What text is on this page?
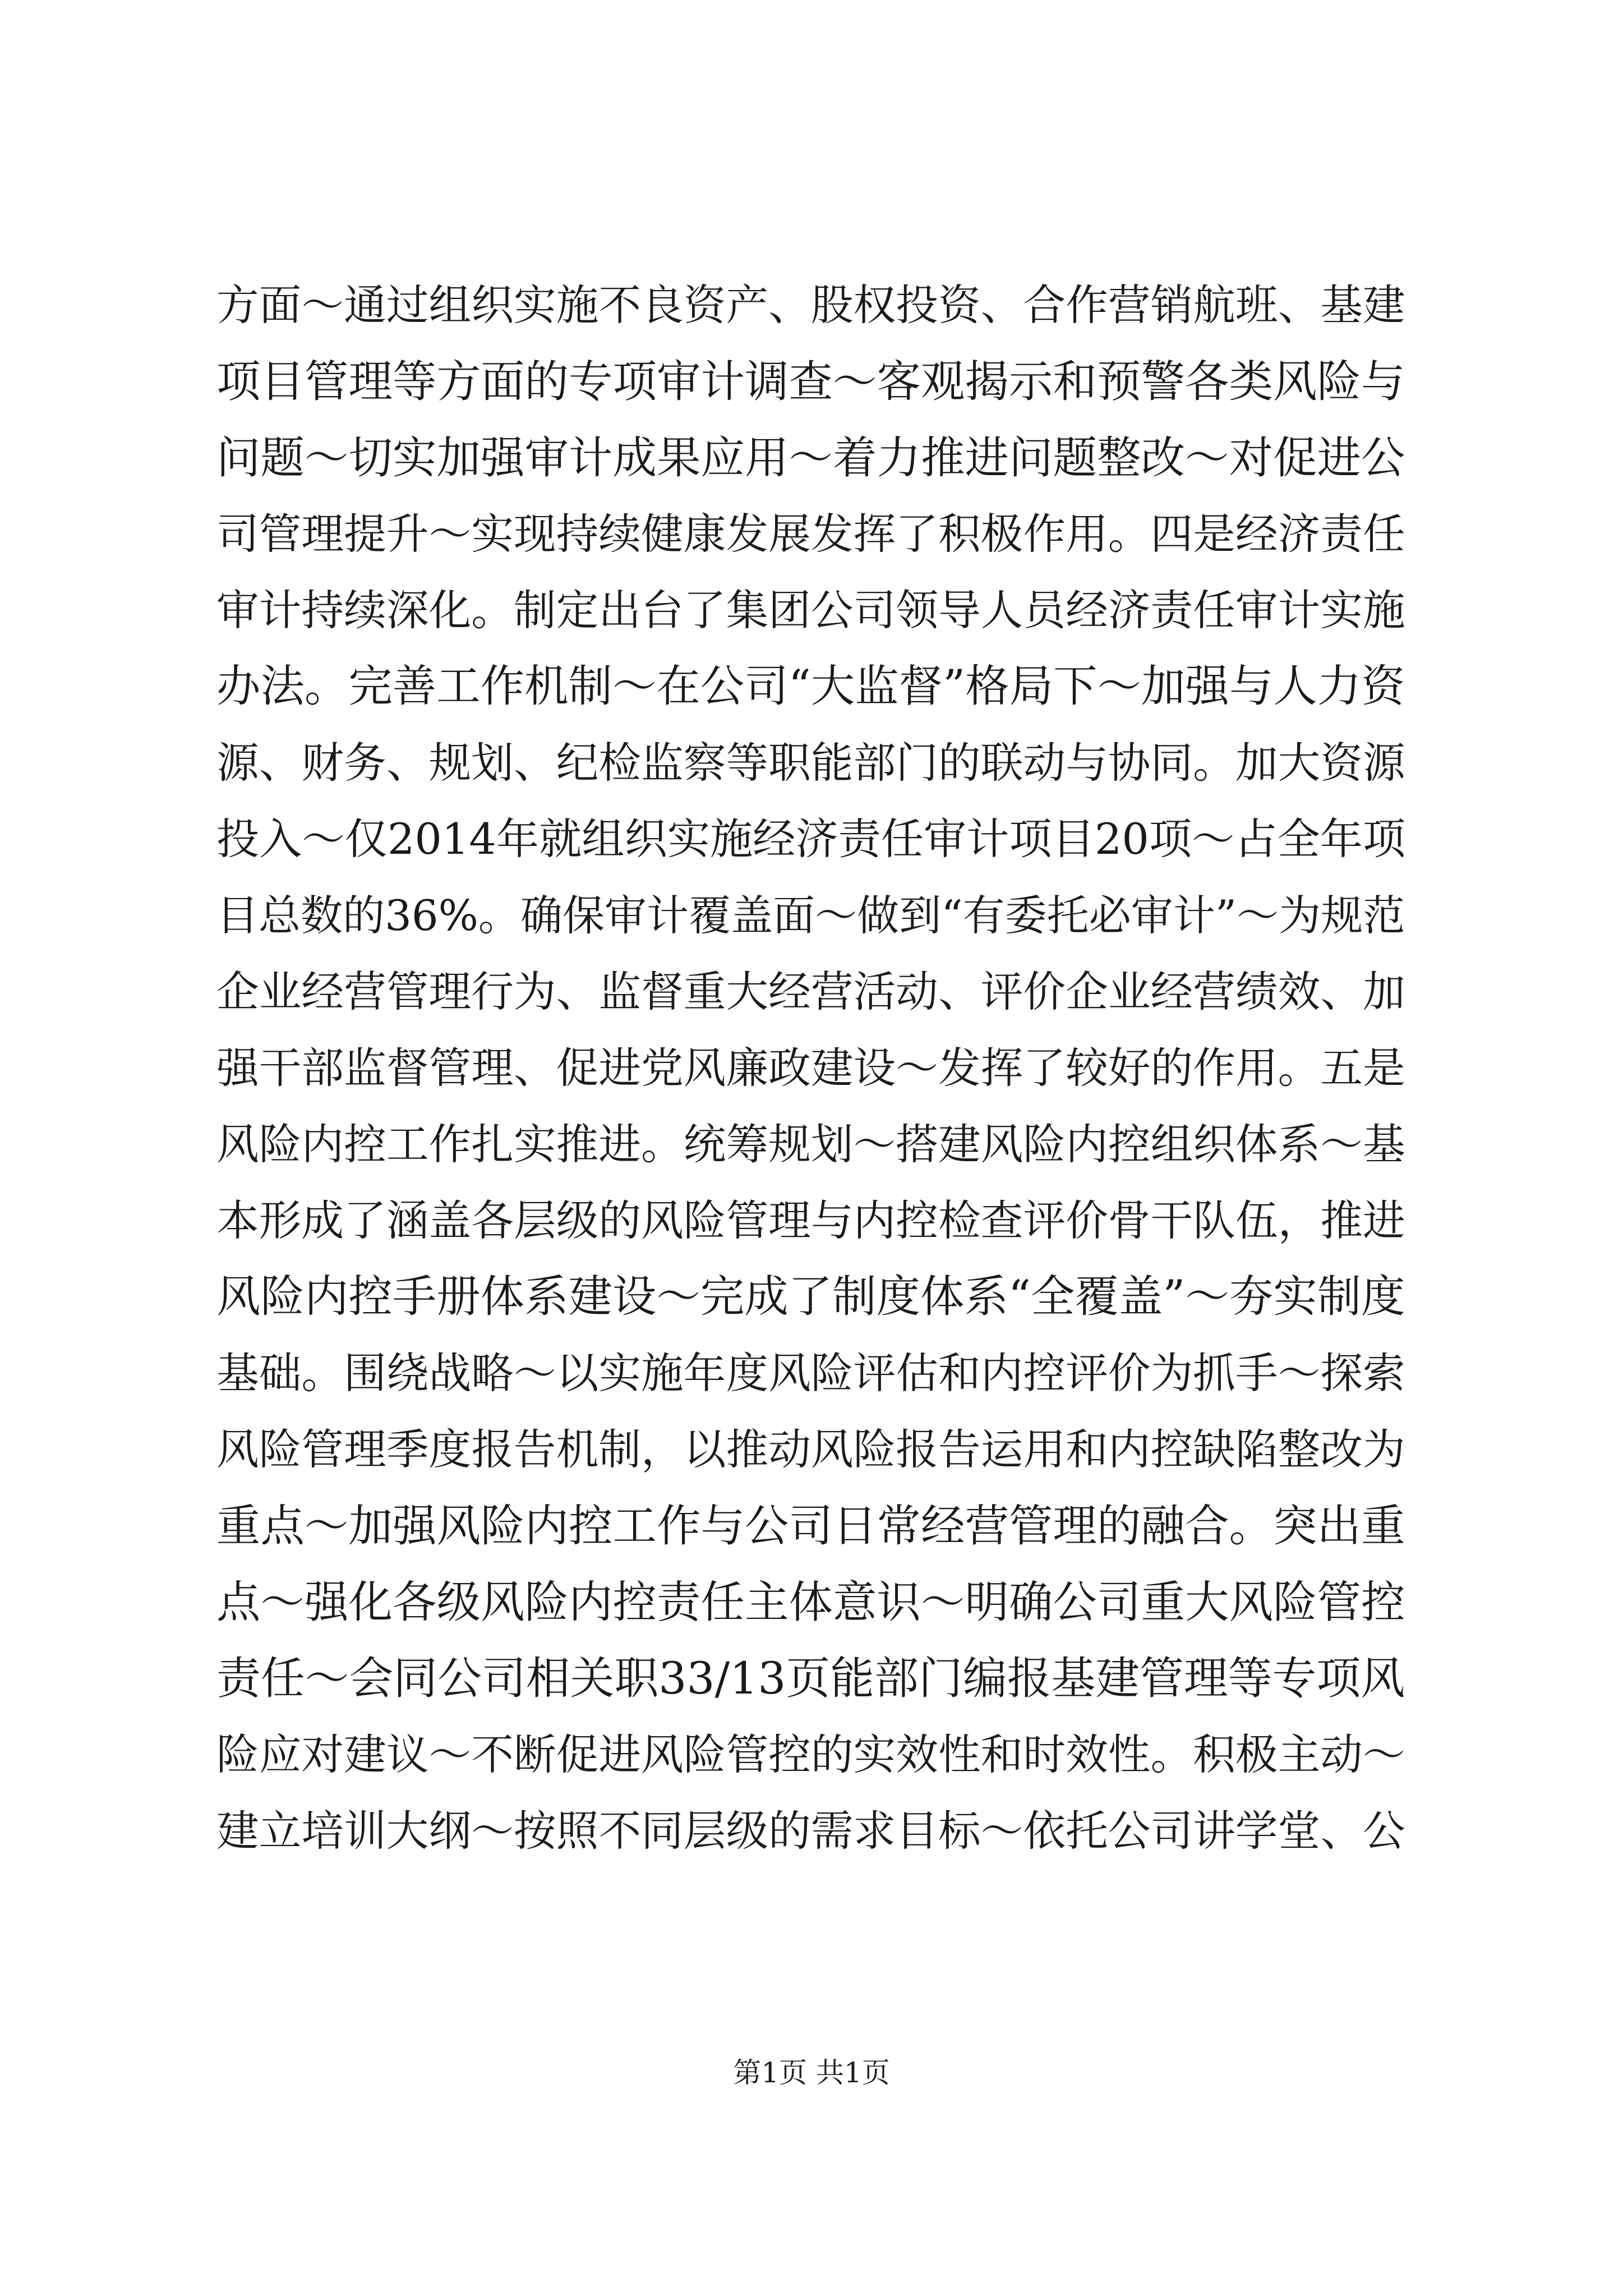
方面～通过组织实施不良资产、股权投资、合作营销航班、基建
项目管理等方面的专项审计调查～客观揭示和预警各类风险与
问题～切实加强审计成果应用～着力推进问题整改～对促进公
司管理提升～实现持续健康发展发挥了积极作用。四是经济责任
审计持续深化。制定出台了集团公司领导人员经济责任审计实施
办法。完善工作机制～在公司“大监督”格局下～加强与人力资
源、财务、规划、纪检监察等职能部门的联动与协同。加大资源
投入～仅2014年就组织实施经济责任审计项目20项～占全年项
目总数的36%。确保审计覆盖面～做到“有委托必审计”～为规范
企业经营管理行为、监督重大经营活动、评价企业经营绩效、加
强干部监督管理、促进党风廉政建设～发挥了较好的作用。五是
风险内控工作扎实推进。统筹规划～搭建风险内控组织体系～基
本形成了涵盖各层级的风险管理与内控检查评价骨干队伍，推进
风险内控手册体系建设～完成了制度体系“全覆盖”～夯实制度
基础。围绕战略～以实施年度风险评估和内控评价为抓手～探索
风险管理季度报告机制，以推动风险报告运用和内控缺陷整改为
重点～加强风险内控工作与公司日常经营管理的融合。突出重
点～强化各级风险内控责任主体意识～明确公司重大风险管控
责任～会同公司相关职33/13页能部门编报基建管理等专项风
险应对建议～不断促进风险管控的实效性和时效性。积极主动～
建立培训大纲～按照不同层级的需求目标～依托公司讲学堂、公
第1页 共1页
